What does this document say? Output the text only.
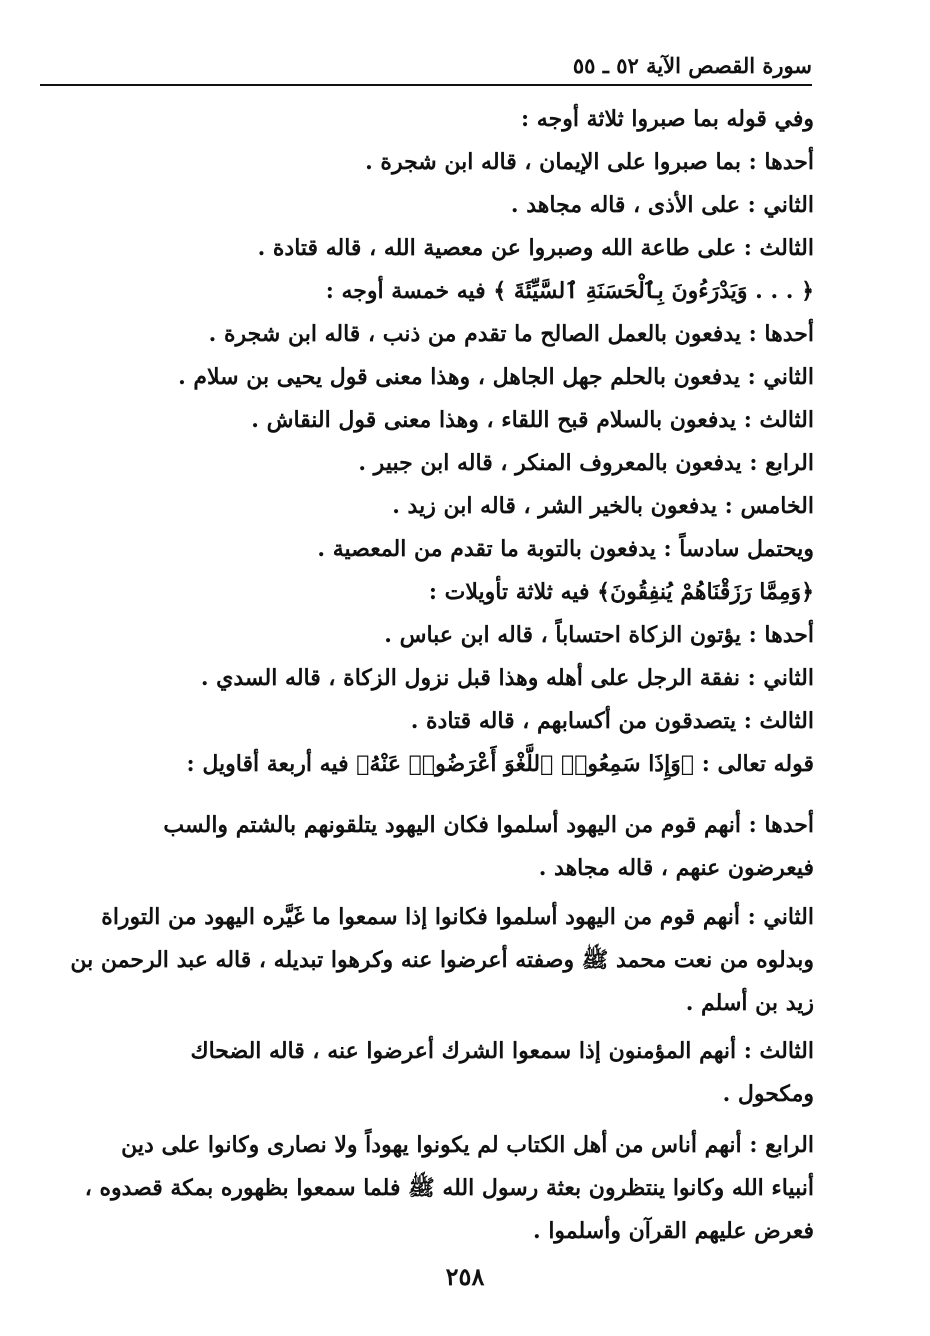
سورة القصص الآية ٥٢ ـ ٥٥
وفي قوله بما صبروا ثلاثة أوجه :
أحدها : بما صبروا على الإيمان ، قاله ابن شجرة .
الثاني : على الأذى ، قاله مجاهد .
الثالث : على طاعة الله وصبروا عن معصية الله ، قاله قتادة .
﴿ . . . وَيَدْرَءُونَ بِٱلْحَسَنَةِ ٱلسَّيِّئَةَ ﴾ فيه خمسة أوجه :
أحدها : يدفعون بالعمل الصالح ما تقدم من ذنب ، قاله ابن شجرة .
الثاني : يدفعون بالحلم جهل الجاهل ، وهذا معنى قول يحيى بن سلام .
الثالث : يدفعون بالسلام قبح اللقاء ، وهذا معنى قول النقاش .
الرابع : يدفعون بالمعروف المنكر ، قاله ابن جبير .
الخامس : يدفعون بالخير الشر ، قاله ابن زيد .
ويحتمل سادساً : يدفعون بالتوبة ما تقدم من المعصية .
﴿وَمِمَّا رَزَقْنَاهُمْ يُنفِقُونَ﴾ فيه ثلاثة تأويلات :
أحدها : يؤتون الزكاة احتساباً ، قاله ابن عباس .
الثاني : نفقة الرجل على أهله وهذا قبل نزول الزكاة ، قاله السدي .
الثالث : يتصدقون من أكسابهم ، قاله قتادة .
قوله تعالى : ﴿وَإِذَا سَمِعُوا۟ ٱللَّغْوَ أَعْرَضُوا۟ عَنْهُ﴾ فيه أربعة أقاويل :
أحدها : أنهم قوم من اليهود أسلموا فكان اليهود يتلقونهم بالشتم والسب
فيعرضون عنهم ، قاله مجاهد .
الثاني : أنهم قوم من اليهود أسلموا فكانوا إذا سمعوا ما غَيَّره اليهود من التوراة
وبدلوه من نعت محمد ﷺ وصفته أعرضوا عنه وكرهوا تبديله ، قاله عبد الرحمن بن
زيد بن أسلم .
الثالث : أنهم المؤمنون إذا سمعوا الشرك أعرضوا عنه ، قاله الضحاك
ومكحول .
الرابع : أنهم أناس من أهل الكتاب لم يكونوا يهوداً ولا نصارى وكانوا على دين
أنبياء الله وكانوا ينتظرون بعثة رسول الله ﷺ فلما سمعوا بظهوره بمكة قصدوه ،
فعرض عليهم القرآن وأسلموا .
٢٥٨
